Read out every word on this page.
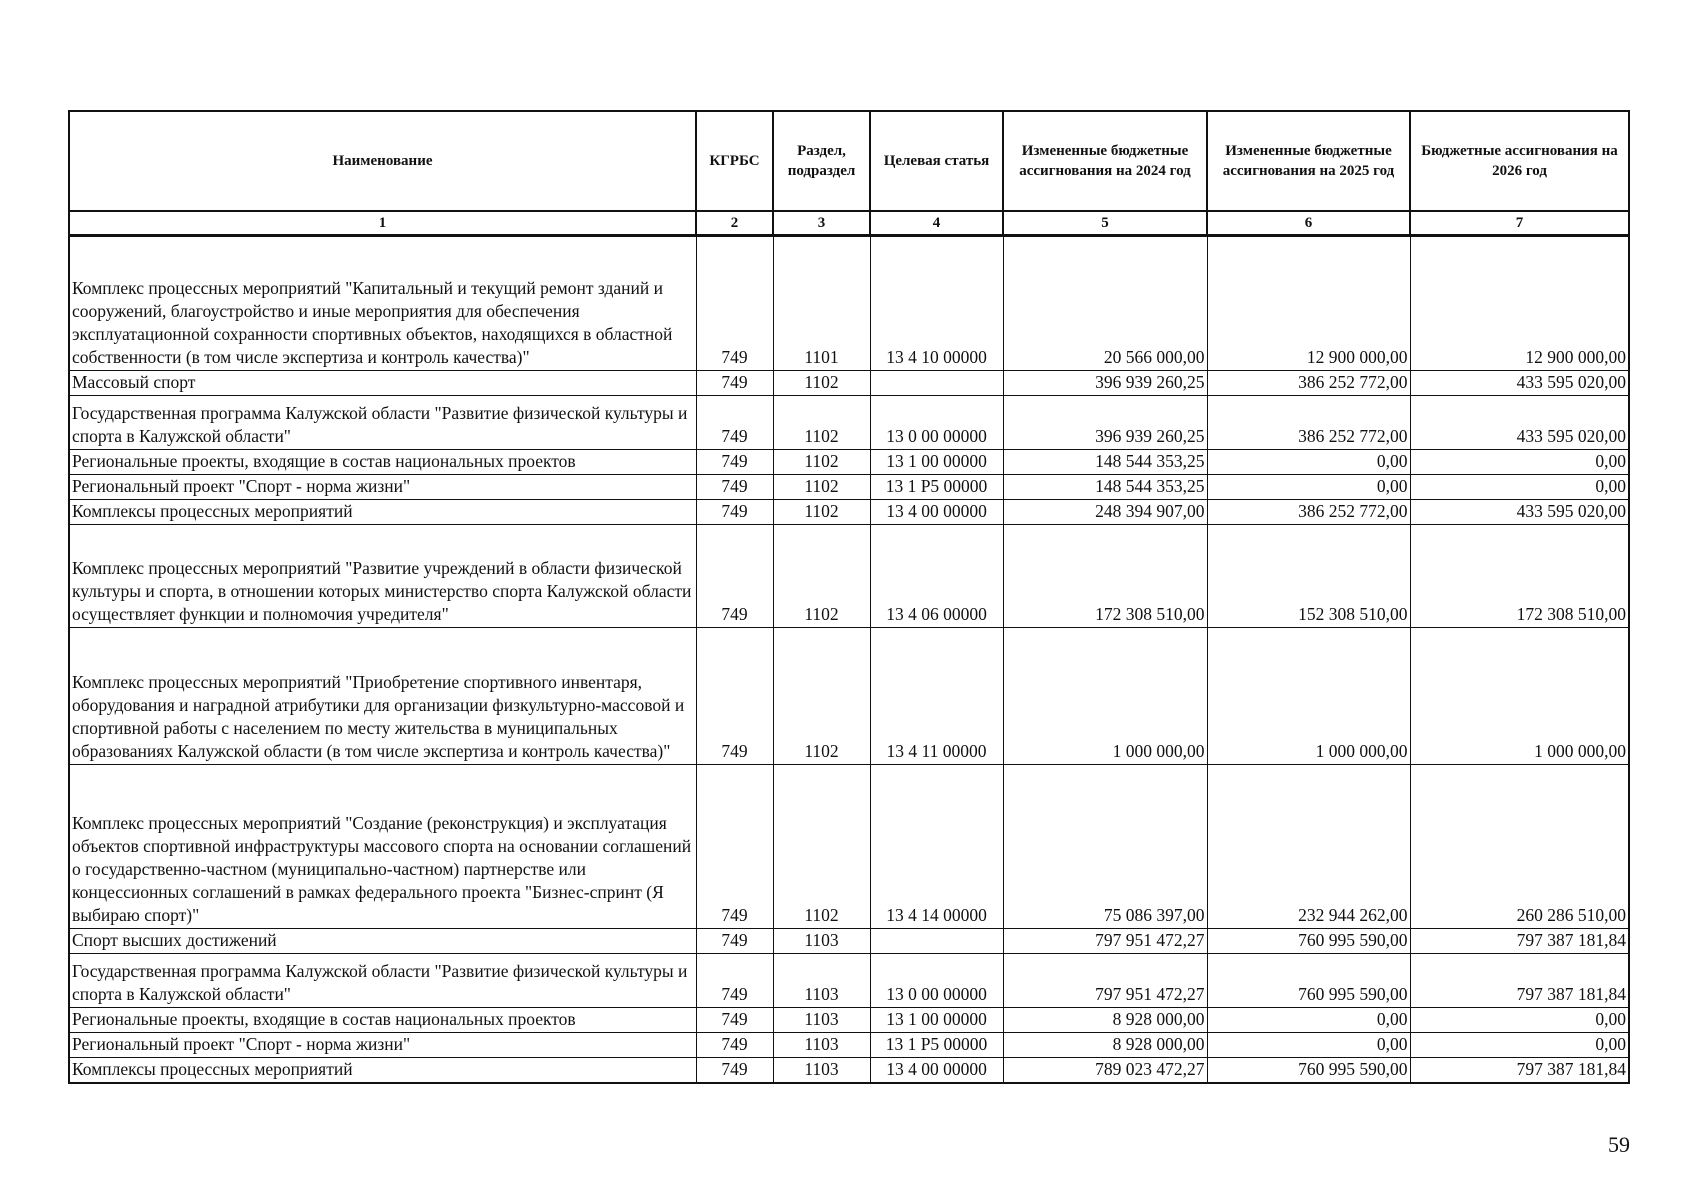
Наименование	КГРБС	Раздел, подраздел	Целевая статья	Измененные бюджетные ассигнования на 2024 год	Измененные бюджетные ассигнования на 2025 год	Бюджетные ассигнования на 2026 год
1	2	3	4	5	6	7
Комплекс процессных мероприятий "Капитальный и текущий ремонт зданий и сооружений, благоустройство и иные мероприятия для обеспечения эксплуатационной сохранности спортивных объектов, находящихся в областной собственности (в том числе экспертиза и контроль качества)"	749	1101	13 4 10 00000	20 566 000,00	12 900 000,00	12 900 000,00
Массовый спорт	749	1102		396 939 260,25	386 252 772,00	433 595 020,00
Государственная программа Калужской области "Развитие физической культуры и спорта в Калужской области"	749	1102	13 0 00 00000	396 939 260,25	386 252 772,00	433 595 020,00
Региональные проекты, входящие в состав национальных проектов	749	1102	13 1 00 00000	148 544 353,25	0,00	0,00
Региональный проект "Спорт - норма жизни"	749	1102	13 1 P5 00000	148 544 353,25	0,00	0,00
Комплексы процессных мероприятий	749	1102	13 4 00 00000	248 394 907,00	386 252 772,00	433 595 020,00
Комплекс процессных мероприятий "Развитие учреждений в области физической культуры и спорта, в отношении которых министерство спорта Калужской области осуществляет функции и полномочия учредителя"	749	1102	13 4 06 00000	172 308 510,00	152 308 510,00	172 308 510,00
Комплекс процессных мероприятий "Приобретение спортивного инвентаря, оборудования и наградной атрибутики для организации физкультурно-массовой и спортивной работы с населением по месту жительства в муниципальных образованиях Калужской области (в том числе экспертиза и контроль качества)"	749	1102	13 4 11 00000	1 000 000,00	1 000 000,00	1 000 000,00
Комплекс процессных мероприятий "Создание (реконструкция) и эксплуатация объектов спортивной инфраструктуры массового спорта на основании соглашений о государственно-частном (муниципально-частном) партнерстве или концессионных соглашений в рамках федерального проекта "Бизнес-спринт (Я выбираю спорт)"	749	1102	13 4 14 00000	75 086 397,00	232 944 262,00	260 286 510,00
Спорт высших достижений	749	1103		797 951 472,27	760 995 590,00	797 387 181,84
Государственная программа Калужской области "Развитие физической культуры и спорта в Калужской области"	749	1103	13 0 00 00000	797 951 472,27	760 995 590,00	797 387 181,84
Региональные проекты, входящие в состав национальных проектов	749	1103	13 1 00 00000	8 928 000,00	0,00	0,00
Региональный проект "Спорт - норма жизни"	749	1103	13 1 P5 00000	8 928 000,00	0,00	0,00
Комплексы процессных мероприятий	749	1103	13 4 00 00000	789 023 472,27	760 995 590,00	797 387 181,84
59
